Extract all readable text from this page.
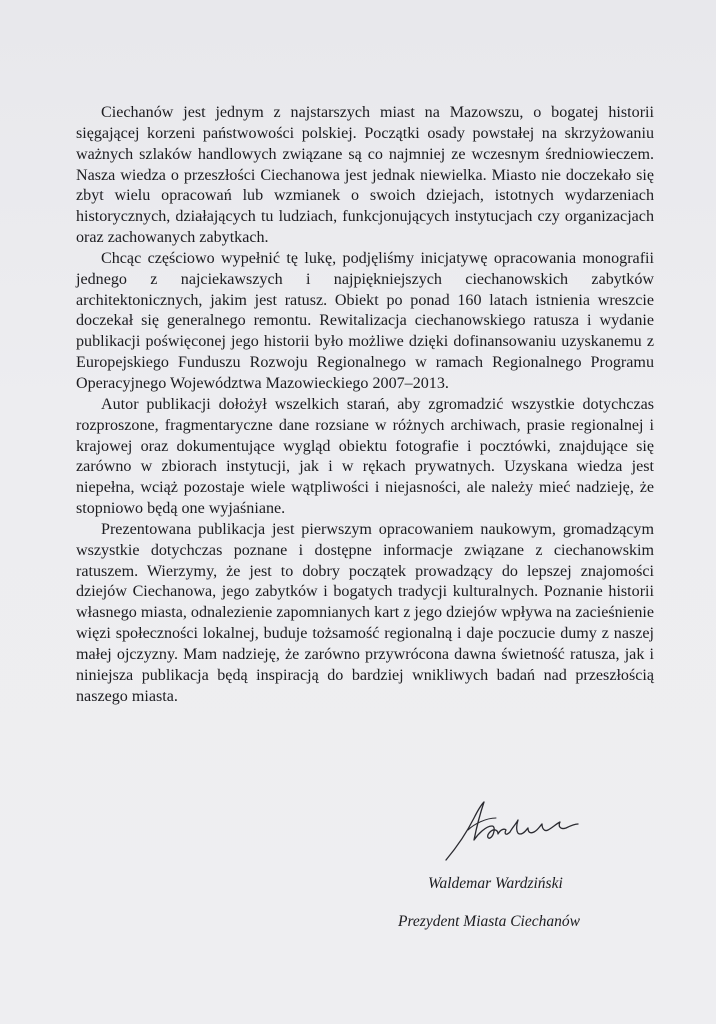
Ciechanów jest jednym z najstarszych miast na Mazowszu, o bogatej historii sięgającej korzeni państwowości polskiej. Początki osady powstałej na skrzyżowaniu ważnych szlaków handlowych związane są co najmniej ze wczesnym średniowieczem. Nasza wiedza o przeszłości Ciechanowa jest jednak niewielka. Miasto nie doczekało się zbyt wielu opracowań lub wzmianek o swoich dziejach, istotnych wydarzeniach historycznych, działających tu ludziach, funkcjonujących instytucjach czy organizacjach oraz zachowanych zabytkach.

Chcąc częściowo wypełnić tę lukę, podjęliśmy inicjatywę opracowania monografii jednego z najciekawszych i najpiękniejszych ciechanowskich zabytków architektonicznych, jakim jest ratusz. Obiekt po ponad 160 latach istnienia wreszcie doczekał się generalnego remontu. Rewitalizacja ciechanowskiego ratusza i wydanie publikacji poświęconej jego historii było możliwe dzięki dofinansowaniu uzyskanemu z Europejskiego Funduszu Rozwoju Regionalnego w ramach Regionalnego Programu Operacyjnego Województwa Mazowieckiego 2007–2013.

Autor publikacji dołożył wszelkich starań, aby zgromadzić wszystkie dotychczas rozproszone, fragmentaryczne dane rozsiane w różnych archiwach, prasie regionalnej i krajowej oraz dokumentujące wygląd obiektu fotografie i pocztówki, znajdujące się zarówno w zbiorach instytucji, jak i w rękach prywatnych. Uzyskana wiedza jest niepełna, wciąż pozostaje wiele wątpliwości i niejasności, ale należy mieć nadzieję, że stopniowo będą one wyjaśniane.

Prezentowana publikacja jest pierwszym opracowaniem naukowym, gromadzącym wszystkie dotychczas poznane i dostępne informacje związane z ciechanowskim ratuszem. Wierzymy, że jest to dobry początek prowadzący do lepszej znajomości dziejów Ciechanowa, jego zabytków i bogatych tradycji kulturalnych. Poznanie historii własnego miasta, odnalezienie zapomnianych kart z jego dziejów wpływa na zacieśnienie więzi społeczności lokalnej, buduje tożsamość regionalną i daje poczucie dumy z naszej małej ojczyzny. Mam nadzieję, że zarówno przywrócona dawna świetność ratusza, jak i niniejsza publikacja będą inspiracją do bardziej wnikliwych badań nad przeszłością naszego miasta.

Waldemar Wardziński
Prezydent Miasta Ciechanów
